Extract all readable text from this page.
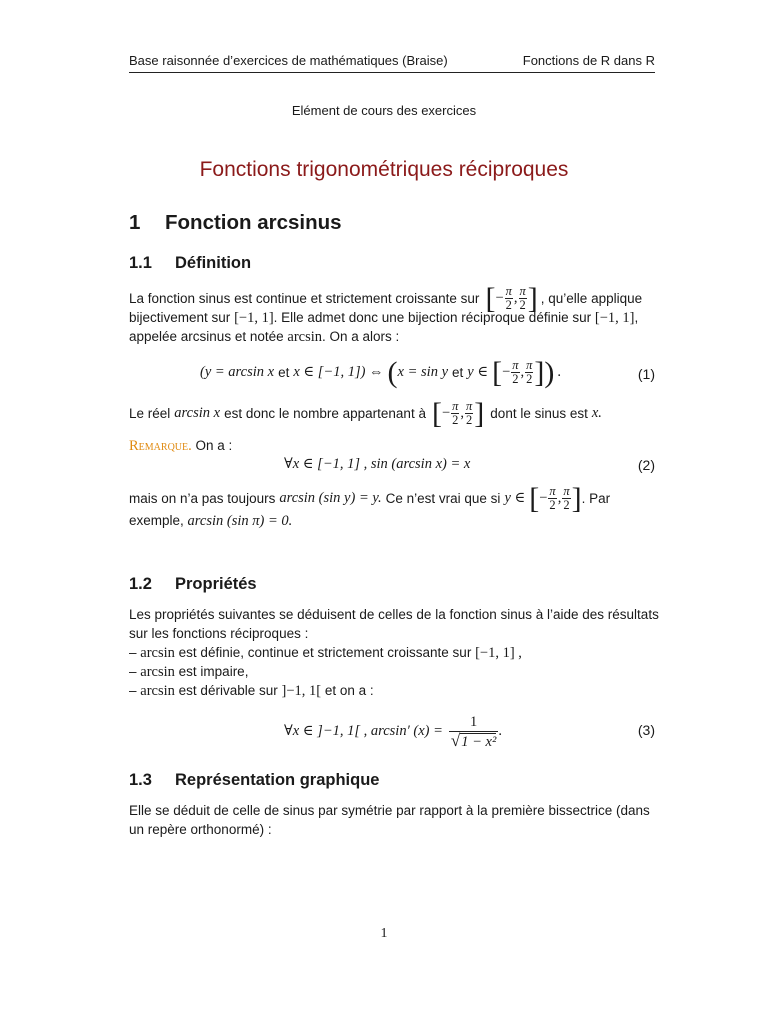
Base raisonnée d’exercices de mathématiques (Braise)	Fonctions de R dans R
Elément de cours des exercices
Fonctions trigonométriques réciproques
1 Fonction arcsinus
1.1 Définition
La fonction sinus est continue et strictement croissante sur [ − $\frac{\pi}{2}$ , $\frac{\pi}{2}$ ] , qu’elle applique
bijectivement sur [−1, 1]. Elle admet donc une bijection réciproque définie sur [−1, 1],
appelée arcsinus et notée arcsin. On a alors :
(y = arcsin x et x ∈ [−1, 1]) ⇔ ( x = sin y et y ∈ [ − $\frac{\pi}{2}$ , $\frac{\pi}{2}$ ] ) .	(1)
Le réel arcsin x est donc le nombre appartenant à [ − $\frac{\pi}{2}$ , $\frac{\pi}{2}$ ] dont le sinus est x.
Remarque. On a :
∀x ∈ [−1, 1] , sin (arcsin x) = x	(2)
mais on n’a pas toujours arcsin (sin y) = y. Ce n’est vrai que si y ∈ [ − $\frac{\pi}{2}$ , $\frac{\pi}{2}$ ] . Par
exemple, arcsin (sin π) = 0.
1.2 Propriétés
Les propriétés suivantes se déduisent de celles de la fonction sinus à l’aide des résultats
sur les fonctions réciproques :
– arcsin est définie, continue et strictement croissante sur [−1, 1] ,
– arcsin est impaire,
– arcsin est dérivable sur ]−1, 1[ et on a :
∀x ∈ ]−1, 1[ , arcsin′ $(x) = \frac{1}{\text{√ 1 − x²}}$ .	(3)
1.3 Représentation graphique
Elle se déduit de celle de sinus par symétrie par rapport à la première bissectrice (dans
un repère orthonormé) :
1
